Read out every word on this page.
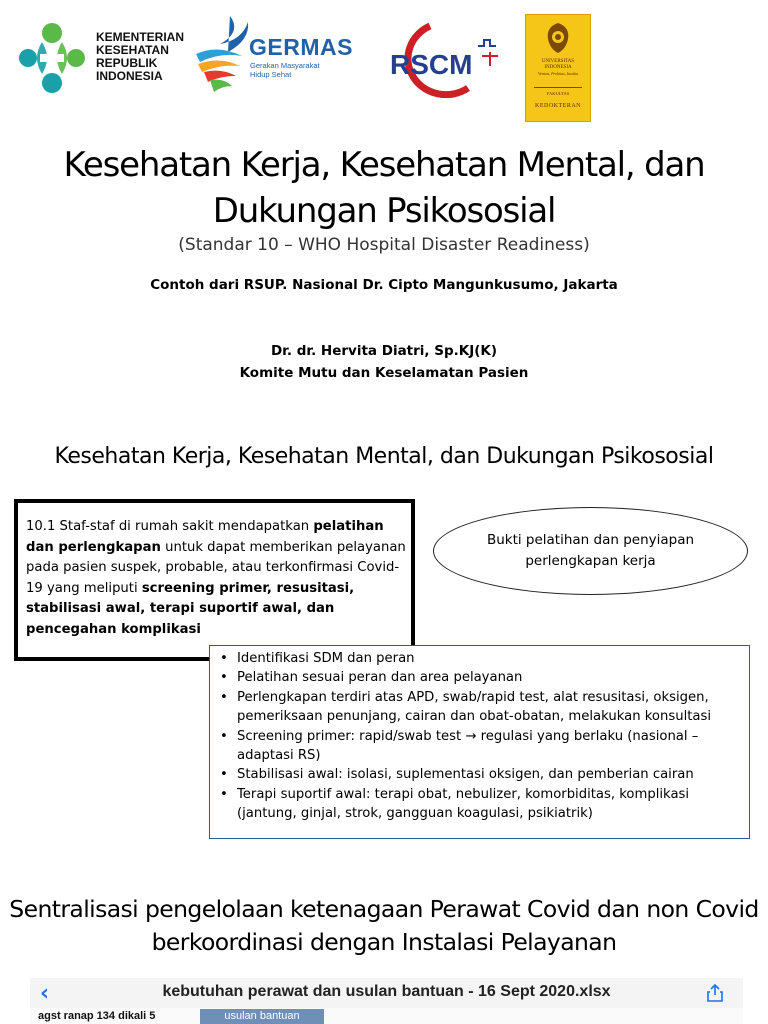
KEMENTERIAN
KESEHATAN
REPUBLIK
INDONESIA
GERMAS
Gerakan Masyarakat
Hidup Sehat	RSCM	UNIVERSITAS
INDONESIA
Veritas, Probitas, Iustitia
FAKULTAS
KEDOKTERAN
Kesehatan Kerja, Kesehatan Mental, dan
Dukungan Psikososial
(Standar 10 – WHO Hospital Disaster Readiness)
Contoh dari RSUP. Nasional Dr. Cipto Mangunkusumo, Jakarta
Dr. dr. Hervita Diatri, Sp.KJ(K)
Komite Mutu dan Keselamatan Pasien
Kesehatan Kerja, Kesehatan Mental, dan Dukungan Psikososial
10.1 Staf-staf di rumah sakit mendapatkan pelatihan dan perlengkapan untuk dapat memberikan pelayanan pada pasien suspek, probable, atau terkonfirmasi Covid-19 yang meliputi screening primer, resusitasi, stabilisasi awal, terapi suportif awal, dan pencegahan komplikasi
Bukti pelatihan dan penyiapan perlengkapan kerja
• Identifikasi SDM dan peran
• Pelatihan sesuai peran dan area pelayanan
• Perlengkapan terdiri atas APD, swab/rapid test, alat resusitasi, oksigen, pemeriksaan penunjang, cairan dan obat-obatan, melakukan konsultasi
• Screening primer: rapid/swab test → regulasi yang berlaku (nasional – adaptasi RS)
• Stabilisasi awal: isolasi, suplementasi oksigen, dan pemberian cairan
• Terapi suportif awal: terapi obat, nebulizer, komorbiditas, komplikasi (jantung, ginjal, strok, gangguan koagulasi, psikiatrik)
Sentralisasi pengelolaan ketenagaan Perawat Covid dan non Covid
berkoordinasi dengan Instalasi Pelayanan
‹	kebutuhan perawat dan usulan bantuan - 16 Sept 2020.xlsx
agst ranap 134 dikali 5	usulan bantuan
